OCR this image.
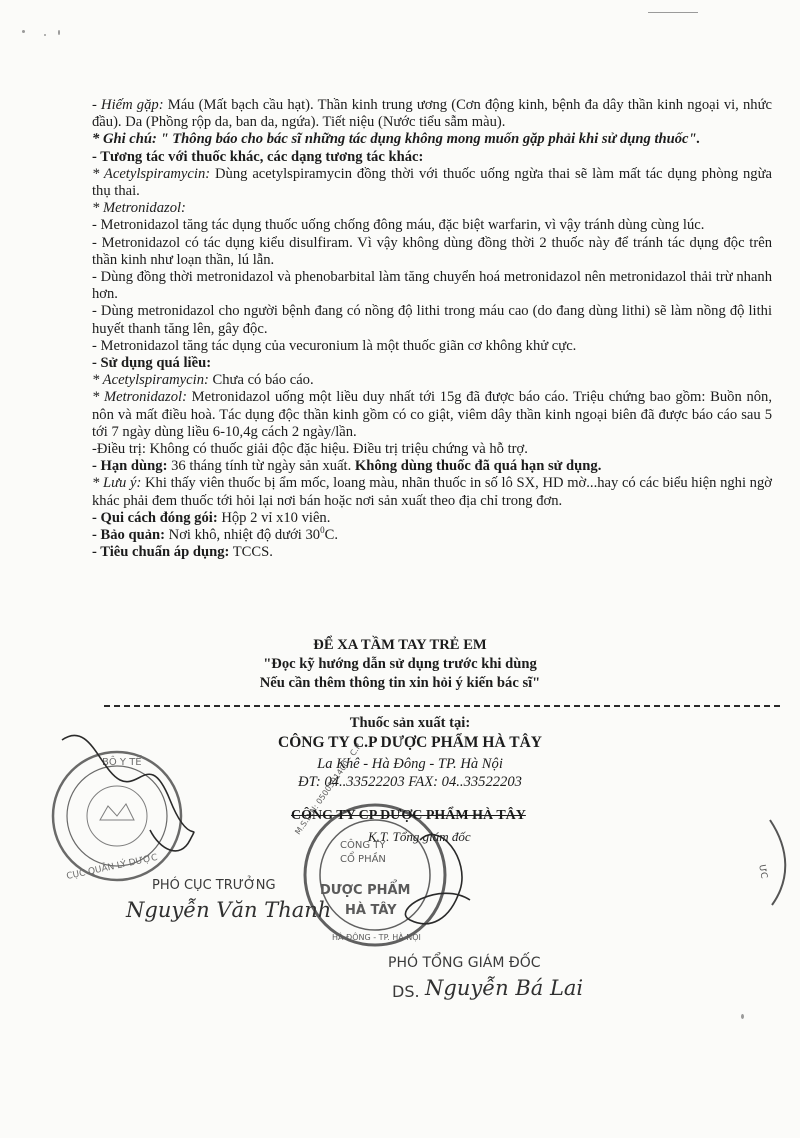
- Hiếm gặp: Máu (Mất bạch cầu hạt). Thần kinh trung ương (Cơn động kinh, bệnh đa dây thần kinh ngoại vi, nhức đầu). Da (Phồng rộp da, ban da, ngứa). Tiết niệu (Nước tiểu sẫm màu).

* Ghi chú: " Thông báo cho bác sĩ những tác dụng không mong muốn gặp phải khi sử dụng thuốc".

- Tương tác với thuốc khác, các dạng tương tác khác:

* Acetylspiramycin: Dùng acetylspiramycin đồng thời với thuốc uống ngừa thai sẽ làm mất tác dụng phòng ngừa thụ thai.

* Metronidazol:

- Metronidazol tăng tác dụng thuốc uống chống đông máu, đặc biệt warfarin, vì vậy tránh dùng cùng lúc.

- Metronidazol có tác dụng kiểu disulfiram. Vì vậy không dùng đồng thời 2 thuốc này để tránh tác dụng độc trên thần kinh như loạn thần, lú lẫn.

- Dùng đồng thời metronidazol và phenobarbital làm tăng chuyển hoá metronidazol nên metronidazol thải trừ nhanh hơn.

- Dùng metronidazol cho người bệnh đang có nồng độ lithi trong máu cao (do đang dùng lithi) sẽ làm nồng độ lithi huyết thanh tăng lên, gây độc.

- Metronidazol tăng tác dụng của vecuronium là một thuốc giãn cơ không khử cực.

- Sử dụng quá liều:

* Acetylspiramycin: Chưa có báo cáo.

* Metronidazol: Metronidazol uống một liều duy nhất tới 15g đã được báo cáo. Triệu chứng bao gồm: Buồn nôn, nôn và mất điều hoà. Tác dụng độc thần kinh gồm có co giật, viêm dây thần kinh ngoại biên đã được báo cáo sau 5 tới 7 ngày dùng liều 6-10,4g cách 2 ngày/lần.

-Điều trị: Không có thuốc giải độc đặc hiệu. Điều trị triệu chứng và hỗ trợ.

- Hạn dùng: 36 tháng tính từ ngày sản xuất. Không dùng thuốc đã quá hạn sử dụng.

* Lưu ý: Khi thấy viên thuốc bị ẩm mốc, loang màu, nhãn thuốc in số lô SX, HD mờ...hay có các biểu hiện nghi ngờ khác phải đem thuốc tới hỏi lại nơi bán hoặc nơi sản xuất theo địa chỉ trong đơn.

- Qui cách đóng gói: Hộp 2 vỉ x10 viên.

- Bảo quản: Nơi khô, nhiệt độ dưới $30^0C$.

- Tiêu chuẩn áp dụng: TCCS.

ĐỂ XA TẦM TAY TRẺ EM
"Đọc kỹ hướng dẫn sử dụng trước khi dùng
Nếu cần thêm thông tin xin hỏi ý kiến bác sĩ"
Thuốc sản xuất tại:
CÔNG TY C.P DƯỢC PHẨM HÀ TÂY
La Khê - Hà Đông - TP. Hà Nội
ĐT: 04..33522203 FAX: 04..33522203
BỘ Y TẾ
CỤC QUẢN LÝ DƯỢC
CÔNG TY
CỔ PHẦN
DƯỢC PHẨM
HÀ TÂY
M.S.D.N: 0500391400 - C.P
HÀ ĐÔNG - TP. HÀ NỘI
ƯC
CÔNG TY CP DƯỢC PHẨM HÀ TÂY
K.T. Tổng giám đốc
PHÓ CỤC TRƯỞNG
Nguyễn Văn Thanh
PHÓ TỔNG GIÁM ĐỐC
DS. Nguyễn Bá Lai
